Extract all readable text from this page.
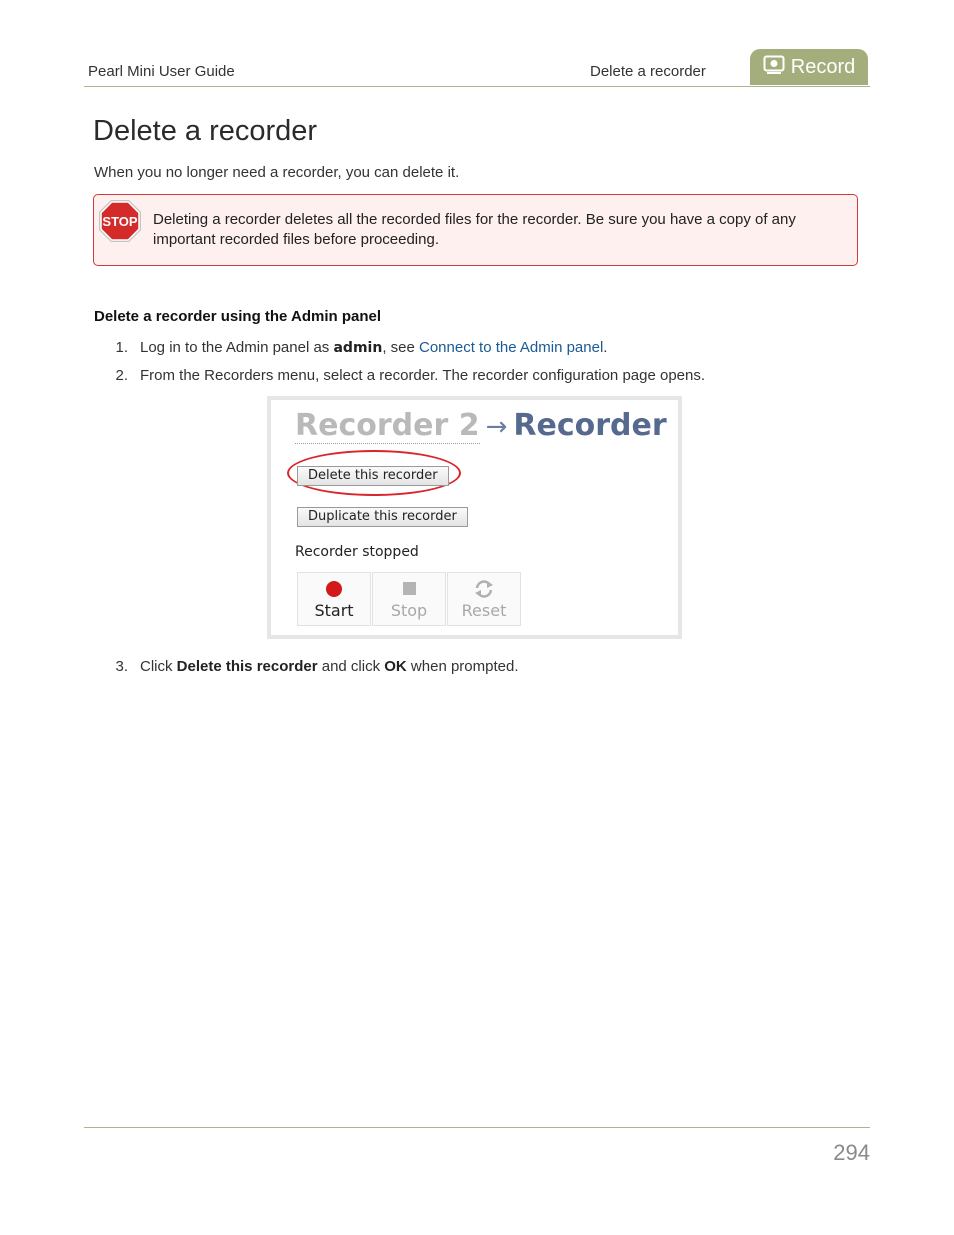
Pearl Mini User Guide	Delete a recorder	Record
Delete a recorder
When you no longer need a recorder, you can delete it.
STOP Deleting a recorder deletes all the recorded files for the recorder. Be sure you have a copy of any important recorded files before proceeding.
Delete a recorder using the Admin panel
1. Log in to the Admin panel as admin, see Connect to the Admin panel.
2. From the Recorders menu, select a recorder. The recorder configuration page opens.
Recorder 2 → Recorder
Delete this recorder
Duplicate this recorder
Recorder stopped
Start	Stop	Reset
3. Click Delete this recorder and click OK when prompted.
294
